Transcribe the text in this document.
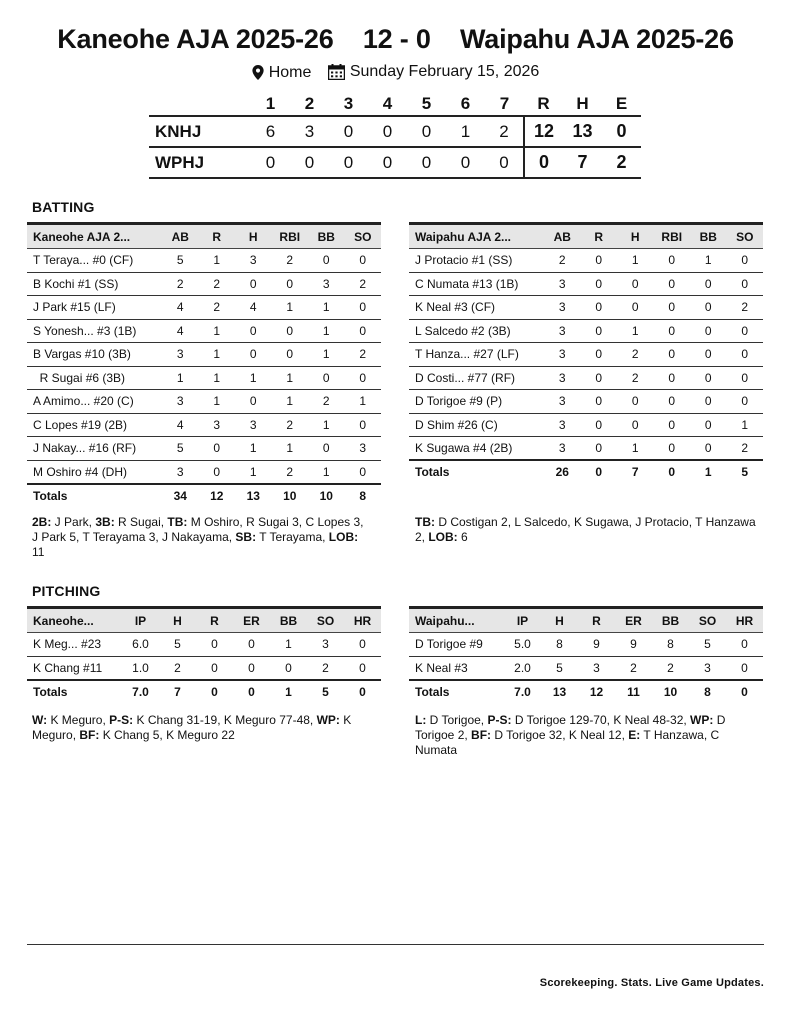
Kaneohe AJA 2025-26 12 - 0 Waipahu AJA 2025-26
Home
Sunday February 15, 2026
	1	2	3	4	5	6	7	R	H	E
KNHJ	6	3	0	0	0	1	2	12	13	0
WPHJ	0	0	0	0	0	0	0	0	7	2
BATTING
Kaneohe AJA 2...	AB	R	H	RBI	BB	SO
T Teraya... #0 (CF)	5	1	3	2	0	0
B Kochi #1 (SS)	2	2	0	0	3	2
J Park #15 (LF)	4	2	4	1	1	0
S Yonesh... #3 (1B)	4	1	0	0	1	0
B Vargas #10 (3B)	3	1	0	0	1	2
R Sugai #6 (3B)	1	1	1	1	0	0
A Amimo... #20 (C)	3	1	0	1	2	1
C Lopes #19 (2B)	4	3	3	2	1	0
J Nakay... #16 (RF)	5	0	1	1	0	3
M Oshiro #4 (DH)	3	0	1	2	1	0
Totals	34	12	13	10	10	8
Waipahu AJA 2...	AB	R	H	RBI	BB	SO
J Protacio #1 (SS)	2	0	1	0	1	0
C Numata #13 (1B)	3	0	0	0	0	0
K Neal #3 (CF)	3	0	0	0	0	2
L Salcedo #2 (3B)	3	0	1	0	0	0
T Hanza... #27 (LF)	3	0	2	0	0	0
D Costi... #77 (RF)	3	0	2	0	0	0
D Torigoe #9 (P)	3	0	0	0	0	0
D Shim #26 (C)	3	0	0	0	0	1
K Sugawa #4 (2B)	3	0	1	0	0	2
Totals	26	0	7	0	1	5
2B: J Park, 3B: R Sugai, TB: M Oshiro, R Sugai 3, C Lopes 3, J Park 5, T Terayama 3, J Nakayama, SB: T Terayama, LOB: 11
TB: D Costigan 2, L Salcedo, K Sugawa, J Protacio, T Hanzawa 2, LOB: 6
PITCHING
Kaneohe...	IP	H	R	ER	BB	SO	HR
K Meg... #23	6.0	5	0	0	1	3	0
K Chang #11	1.0	2	0	0	0	2	0
Totals	7.0	7	0	0	1	5	0
Waipahu...	IP	H	R	ER	BB	SO	HR
D Torigoe #9	5.0	8	9	9	8	5	0
K Neal #3	2.0	5	3	2	2	3	0
Totals	7.0	13	12	11	10	8	0
W: K Meguro, P-S: K Chang 31-19, K Meguro 77-48, WP: K Meguro, BF: K Chang 5, K Meguro 22
L: D Torigoe, P-S: D Torigoe 129-70, K Neal 48-32, WP: D Torigoe 2, BF: D Torigoe 32, K Neal 12, E: T Hanzawa, C Numata
Scorekeeping. Stats. Live Game Updates.
